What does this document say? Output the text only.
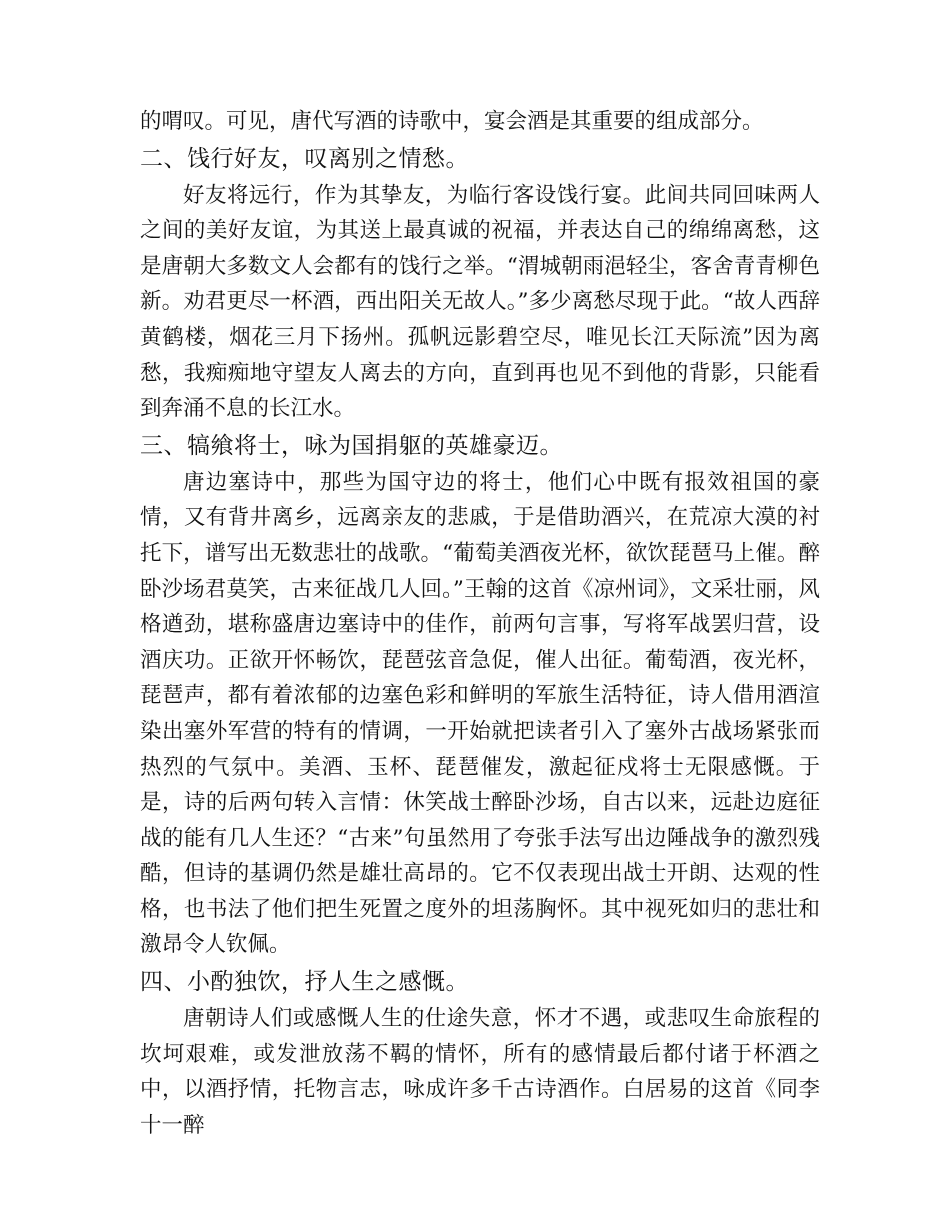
的喟叹。可见，唐代写酒的诗歌中，宴会酒是其重要的组成部分。

二、饯行好友，叹离别之情愁。

好友将远行，作为其挚友，为临行客设饯行宴。此间共同回味两人之间的美好友谊，为其送上最真诚的祝福，并表达自己的绵绵离愁，这是唐朝大多数文人会都有的饯行之举。“渭城朝雨浥轻尘，客舍青青柳色新。劝君更尽一杯酒，西出阳关无故人。”多少离愁尽现于此。“故人西辞黄鹤楼，烟花三月下扬州。孤帆远影碧空尽，唯见长江天际流”因为离愁，我痴痴地守望友人离去的方向，直到再也见不到他的背影，只能看到奔涌不息的长江水。

三、犒飨将士，咏为国捐躯的英雄豪迈。

唐边塞诗中，那些为国守边的将士，他们心中既有报效祖国的豪情，又有背井离乡，远离亲友的悲戚，于是借助酒兴，在荒凉大漠的衬托下，谱写出无数悲壮的战歌。“葡萄美酒夜光杯，欲饮琵琶马上催。醉卧沙场君莫笑，古来征战几人回。”王翰的这首《凉州词》，文采壮丽，风格遒劲，堪称盛唐边塞诗中的佳作，前两句言事，写将军战罢归营，设酒庆功。正欲开怀畅饮，琵琶弦音急促，催人出征。葡萄酒，夜光杯，琵琶声，都有着浓郁的边塞色彩和鲜明的军旅生活特征，诗人借用酒渲染出塞外军营的特有的情调，一开始就把读者引入了塞外古战场紧张而热烈的气氛中。美酒、玉杯、琵琶催发，激起征戍将士无限感慨。于是，诗的后两句转入言情：休笑战士醉卧沙场，自古以来，远赴边庭征战的能有几人生还？“古来”句虽然用了夸张手法写出边陲战争的激烈残酷，但诗的基调仍然是雄壮高昂的。它不仅表现出战士开朗、达观的性格，也书法了他们把生死置之度外的坦荡胸怀。其中视死如归的悲壮和激昂令人钦佩。

四、小酌独饮，抒人生之感慨。

唐朝诗人们或感慨人生的仕途失意，怀才不遇，或悲叹生命旅程的坎坷艰难，或发泄放荡不羁的情怀，所有的感情最后都付诸于杯酒之中，以酒抒情，托物言志，咏成许多千古诗酒作。白居易的这首《同李十一醉
